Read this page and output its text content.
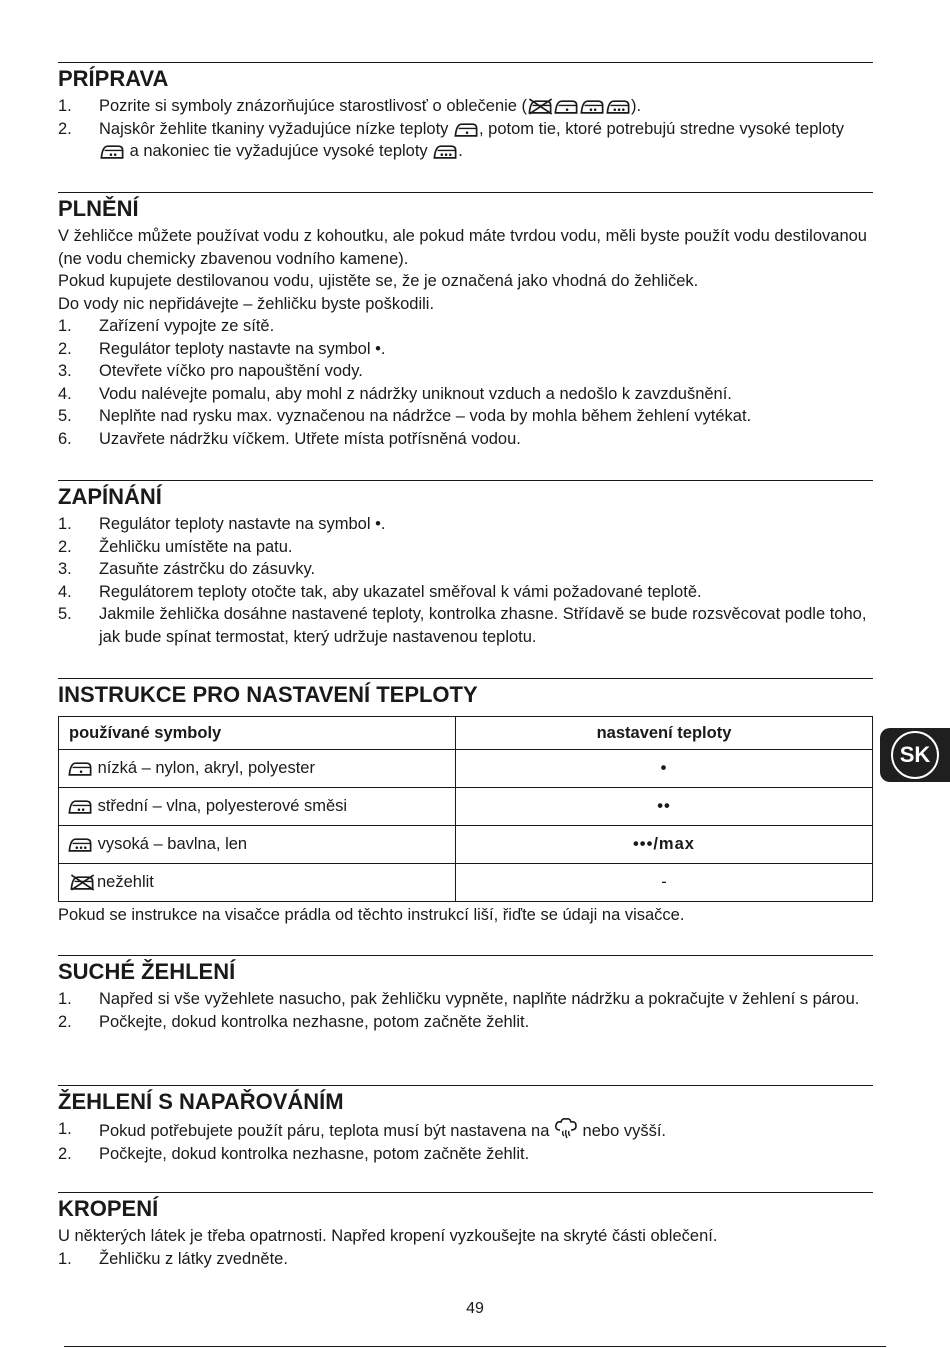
PRÍPRAVA
1. Pozrite si symboly znázorňujúce starostlivosť o oblečenie (	).
2. Najskôr žehlite tkaniny vyžadujúce nízke teploty , potom tie, ktoré potrebujú stredne vysoké teploty  a nakoniec tie vyžadujúce vysoké teploty .
PLNĚNÍ

V žehličce můžete používat vodu z kohoutku, ale pokud máte tvrdou vodu, měli byste použít vodu destilovanou (ne vodu chemicky zbavenou vodního kamene).

Pokud kupujete destilovanou vodu, ujistěte se, že je označená jako vhodná do žehliček.

Do vody nic nepřidávejte – žehličku byste poškodili.

1. Zařízení vypojte ze sítě.
2. Regulátor teploty nastavte na symbol •.
3. Otevřete víčko pro napouštění vody.
4. Vodu nalévejte pomalu, aby mohl z nádržky uniknout vzduch a nedošlo k zavzdušnění.
5. Neplňte nad rysku max. vyznačenou na nádržce – voda by mohla během žehlení vytékat.
6. Uzavřete nádržku víčkem. Utřete místa potřísněná vodou.
ZAPÍNÁNÍ
1. Regulátor teploty nastavte na symbol •.
2. Žehličku umístěte na patu.
3. Zasuňte zástrčku do zásuvky.
4. Regulátorem teploty otočte tak, aby ukazatel směřoval k vámi požadované teplotě.
5. Jakmile žehlička dosáhne nastavené teploty, kontrolka zhasne. Střídavě se bude rozsvěcovat podle toho, jak bude spínat termostat, který udržuje nastavenou teplotu.
INSTRUKCE PRO NASTAVENÍ TEPLOTY
používané symboly	nastavení teploty
nízká – nylon, akryl, polyester	•
střední – vlna, polyesterové směsi	••
vysoká – bavlna, len	•••/max
nežehlit	-

Pokud se instrukce na visačce prádla od těchto instrukcí liší, řiďte se údaji na visačce.

SUCHÉ ŽEHLENÍ
1. Napřed si vše vyžehlete nasucho, pak žehličku vypněte, naplňte nádržku a pokračujte v žehlení s párou.
2. Počkejte, dokud kontrolka nezhasne, potom začněte žehlit.
ŽEHLENÍ S NAPAŘOVÁNÍM
1. Pokud potřebujete použít páru, teplota musí být nastavena na  nebo vyšší.
2. Počkejte, dokud kontrolka nezhasne, potom začněte žehlit.
KROPENÍ

U některých látek je třeba opatrnosti. Napřed kropení vyzkoušejte na skryté části oblečení.

1. Žehličku z látky zvedněte.
SK
49
